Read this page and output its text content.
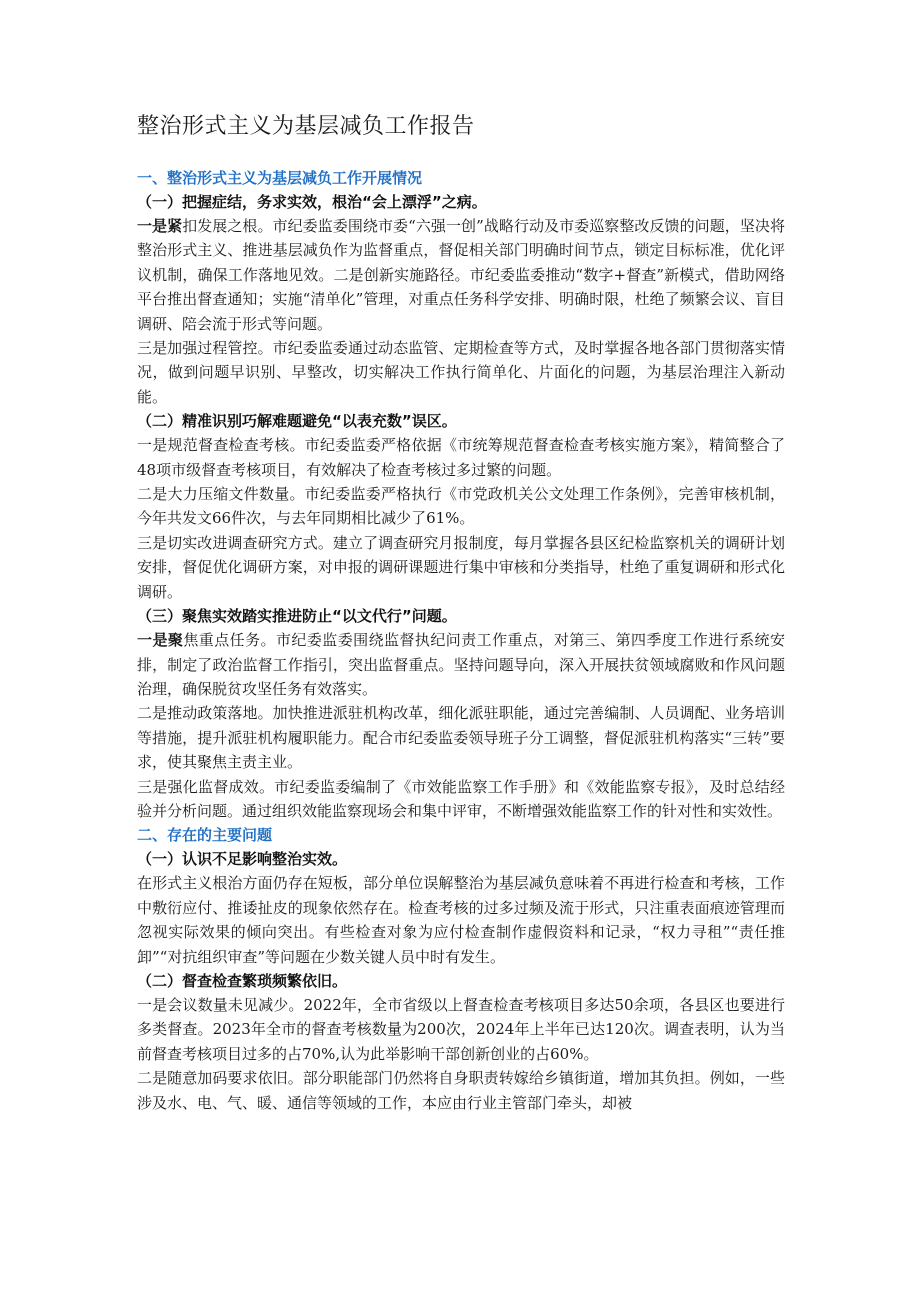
整治形式主义为基层减负工作报告
一、整治形式主义为基层减负工作开展情况
（一）把握症结，务求实效，根治“会上漂浮”之病。

一是紧扣发展之根。市纪委监委围绕市委“六强一创”战略行动及市委巡察整改反馈的问题，坚决将整治形式主义、推进基层减负作为监督重点，督促相关部门明确时间节点，锁定目标标准，优化评议机制，确保工作落地见效。二是创新实施路径。市纪委监委推动“数字+督查”新模式，借助网络平台推出督查通知；实施“清单化”管理，对重点任务科学安排、明确时限，杜绝了频繁会议、盲目调研、陪会流于形式等问题。

三是加强过程管控。市纪委监委通过动态监管、定期检查等方式，及时掌握各地各部门贯彻落实情况，做到问题早识别、早整改，切实解决工作执行简单化、片面化的问题，为基层治理注入新动能。

（二）精准识别巧解难题避免“以表充数”误区。

一是规范督查检查考核。市纪委监委严格依据《市统筹规范督查检查考核实施方案》，精简整合了48项市级督查考核项目，有效解决了检查考核过多过繁的问题。

二是大力压缩文件数量。市纪委监委严格执行《市党政机关公文处理工作条例》，完善审核机制，今年共发文66件次，与去年同期相比减少了61%。

三是切实改进调查研究方式。建立了调查研究月报制度，每月掌握各县区纪检监察机关的调研计划安排，督促优化调研方案，对申报的调研课题进行集中审核和分类指导，杜绝了重复调研和形式化调研。

（三）聚焦实效踏实推进防止“以文代行”问题。

一是聚焦重点任务。市纪委监委围绕监督执纪问责工作重点，对第三、第四季度工作进行系统安排，制定了政治监督工作指引，突出监督重点。坚持问题导向，深入开展扶贫领域腐败和作风问题治理，确保脱贫攻坚任务有效落实。

二是推动政策落地。加快推进派驻机构改革，细化派驻职能，通过完善编制、人员调配、业务培训等措施，提升派驻机构履职能力。配合市纪委监委领导班子分工调整，督促派驻机构落实“三转”要求，使其聚焦主责主业。

三是强化监督成效。市纪委监委编制了《市效能监察工作手册》和《效能监察专报》，及时总结经验并分析问题。通过组织效能监察现场会和集中评审，不断增强效能监察工作的针对性和实效性。

二、存在的主要问题
（一）认识不足影响整治实效。

在形式主义根治方面仍存在短板，部分单位误解整治为基层减负意味着不再进行检查和考核，工作中敷衍应付、推诿扯皮的现象依然存在。检查考核的过多过频及流于形式，只注重表面痕迹管理而忽视实际效果的倾向突出。有些检查对象为应付检查制作虚假资料和记录，“权力寻租”“责任推卸”“对抗组织审查”等问题在少数关键人员中时有发生。

（二）督查检查繁琐频繁依旧。

一是会议数量未见减少。2022年，全市省级以上督查检查考核项目多达50余项，各县区也要进行多类督查。2023年全市的督查考核数量为200次，2024年上半年已达120次。调查表明，认为当前督查考核项目过多的占70%,认为此举影响干部创新创业的占60%。

二是随意加码要求依旧。部分职能部门仍然将自身职责转嫁给乡镇街道，增加其负担。例如，一些涉及水、电、气、暖、通信等领域的工作，本应由行业主管部门牵头，却被
